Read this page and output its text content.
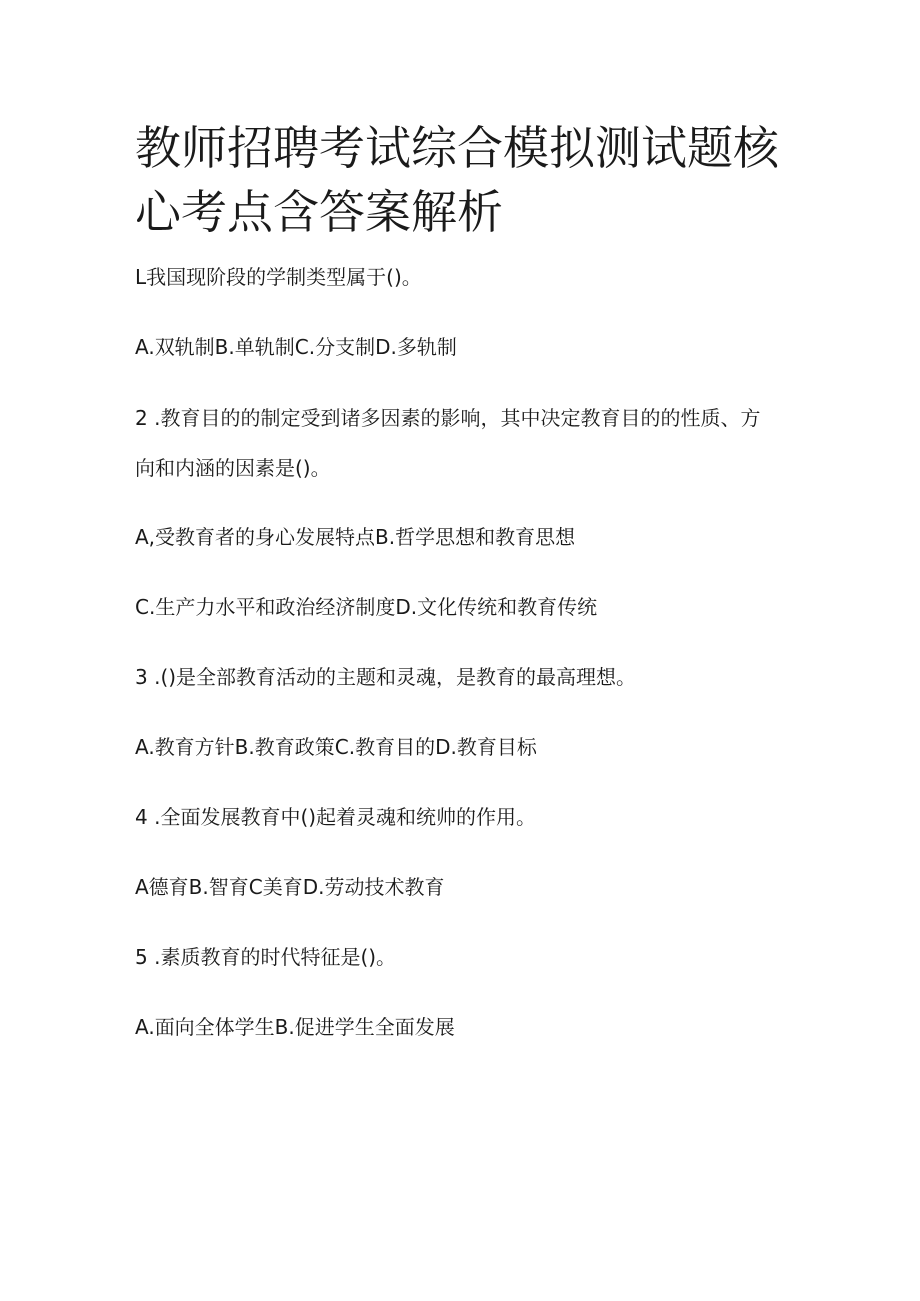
教师招聘考试综合模拟测试题核心考点含答案解析

L我国现阶段的学制类型属于()。

A.双轨制B.单轨制C.分支制D.多轨制

2 .教育目的的制定受到诸多因素的影响，其中决定教育目的的性质、方

向和内涵的因素是()。

A,受教育者的身心发展特点B.哲学思想和教育思想

C.生产力水平和政治经济制度D.文化传统和教育传统

3 .()是全部教育活动的主题和灵魂，是教育的最高理想。

A.教育方针B.教育政策C.教育目的D.教育目标

4 .全面发展教育中()起着灵魂和统帅的作用。

A德育B.智育C美育D.劳动技术教育

5 .素质教育的时代特征是()。

A.面向全体学生B.促进学生全面发展
